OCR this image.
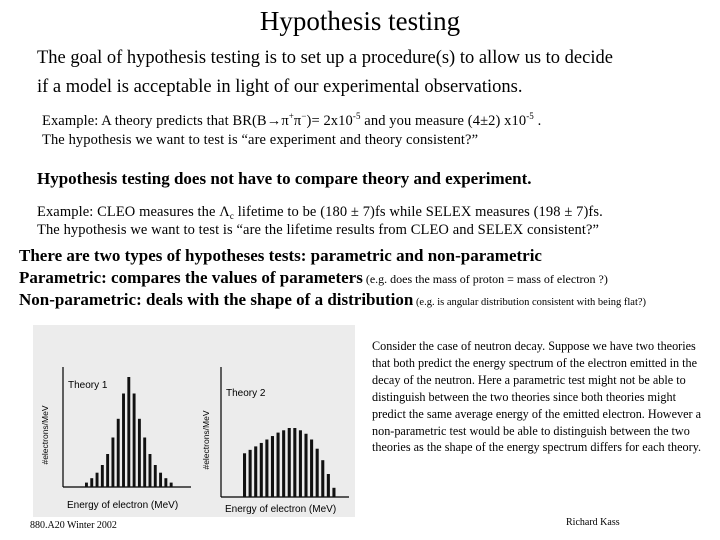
Hypothesis testing
The goal of hypothesis testing is to set up a procedure(s) to allow us to decide
if a model is acceptable in light of our experimental observations.
Example: A theory predicts that $BR(B\to\pi^+\pi^-)= 2x10^{-5}$ and you measure (4±2) $x10^{-5}$ .
The hypothesis we want to test is “are experiment and theory consistent?”
Hypothesis testing does not have to compare theory and experiment.
Example: CLEO measures the $\Lambda_c$ lifetime to be (180 ± 7)fs while SELEX measures (198 ± 7)fs.
The hypothesis we want to test is “are the lifetime results from CLEO and SELEX consistent?”
There are two types of hypotheses tests: parametric and non-parametric
Parametric: compares the values of parameters (e.g. does the mass of proton = mass of electron ?)
Non-parametric: deals with the shape of a distribution (e.g. is angular distribution consistent with being flat?)
#electrons/MeV
Theory 1
Energy of electron (MeV)
#electrons/MeV
Theory 2
Energy of electron (MeV)
Consider the case of neutron decay. Suppose we have two theories that both predict the energy spectrum of the electron emitted in the decay of the neutron. Here a parametric test might not be able to distinguish between the two theories since both theories might predict the same average energy of the emitted electron. However a non-parametric test would be able to distinguish between the two theories as the shape of the energy spectrum differs for each theory.
880.A20 Winter 2002	Richard Kass
